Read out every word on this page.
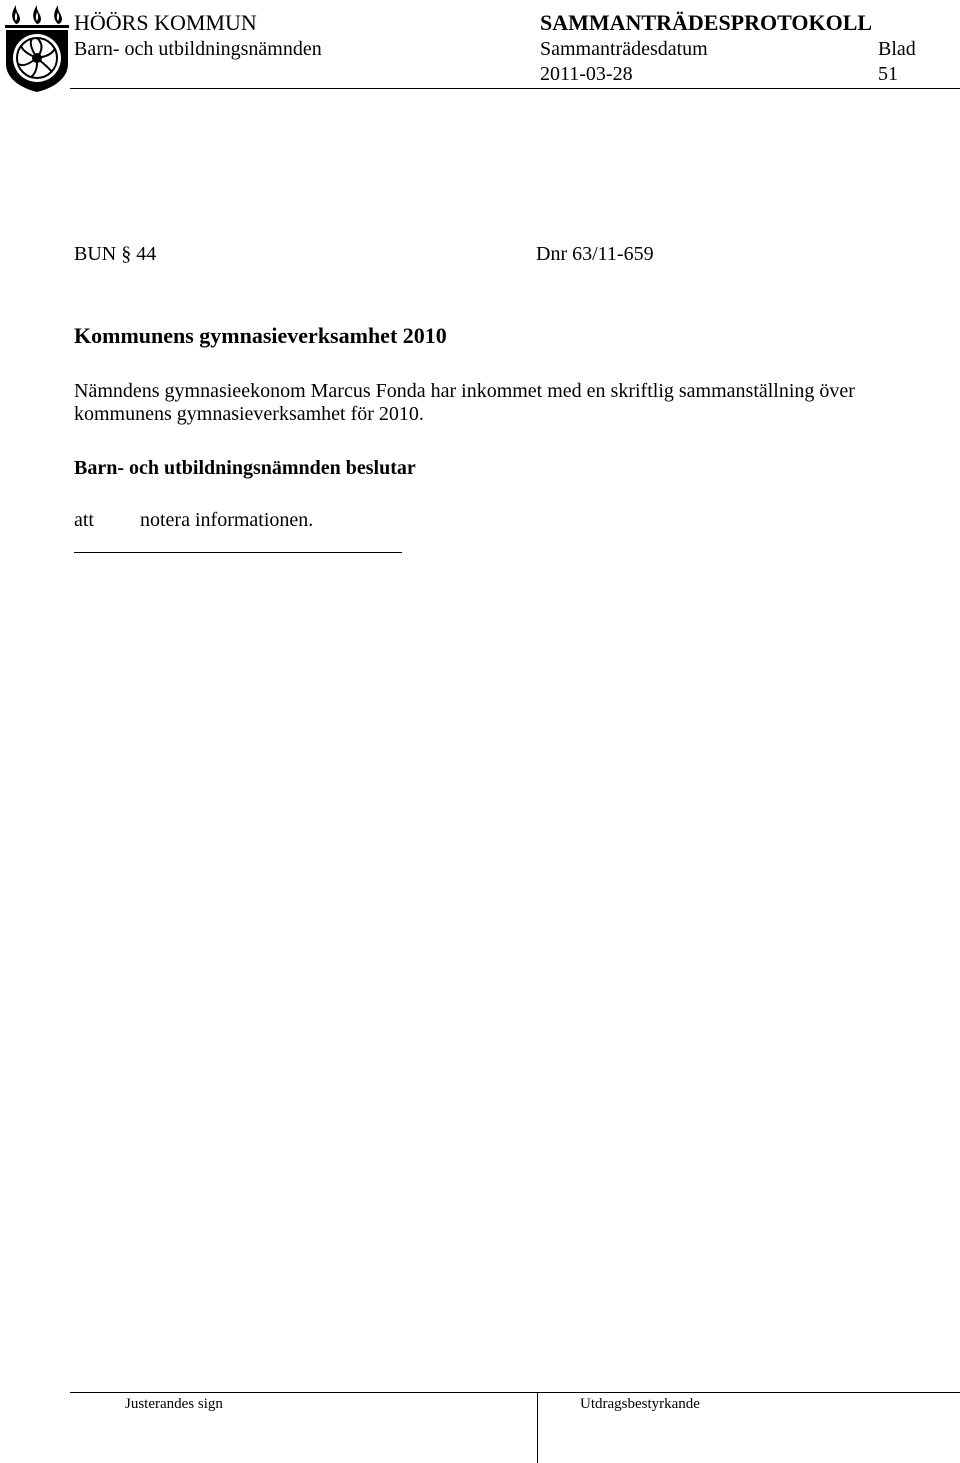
HÖÖRS KOMMUN
Barn- och utbildningsnämnden
SAMMANTRÄDESPROTOKOLL
Sammanträdesdatum	Blad
2011-03-28	51
BUN § 44	Dnr 63/11-659
Kommunens gymnasieverksamhet 2010

Nämndens gymnasieekonom Marcus Fonda har inkommet med en skriftlig sammanställning över
kommunens gymnasieverksamhet för 2010.

Barn- och utbildningsnämnden beslutar
att notera informationen.
Justerandes sign	Utdragsbestyrkande
